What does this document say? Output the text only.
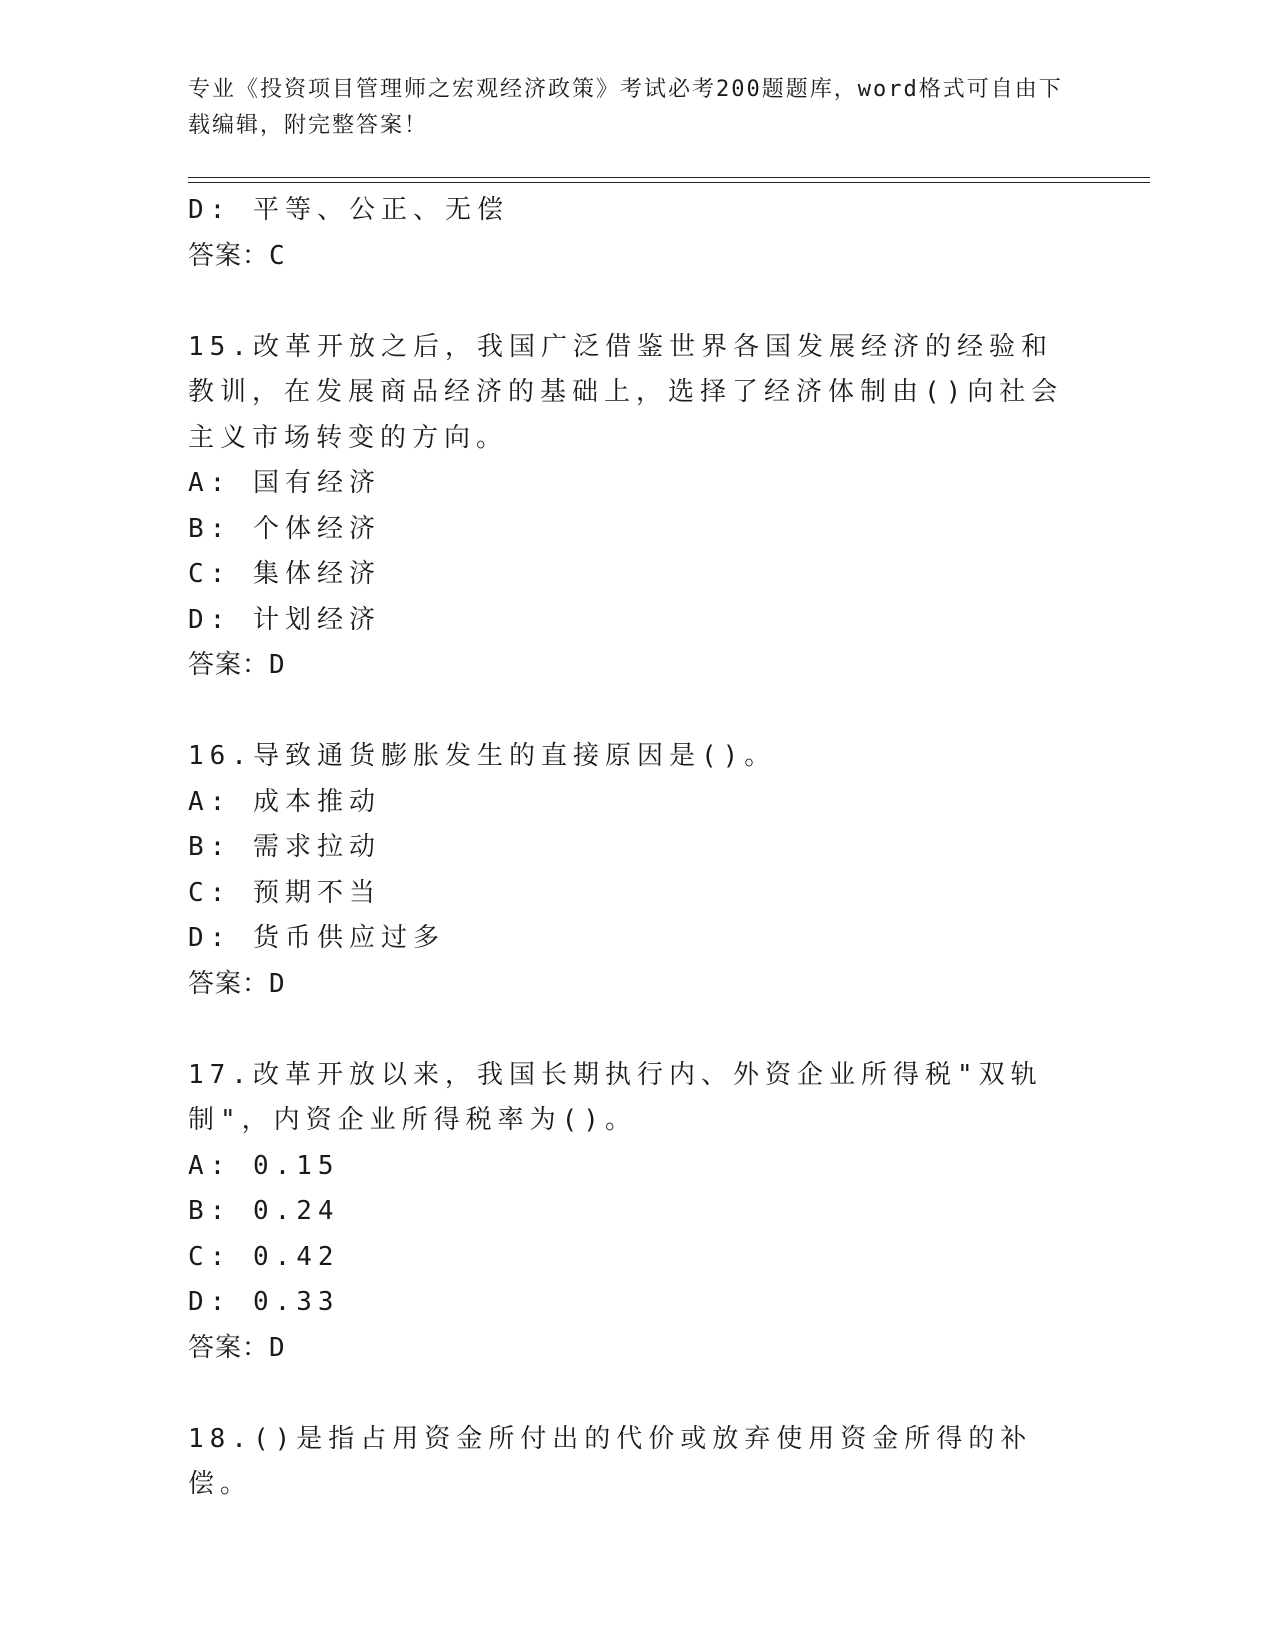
专业《投资项目管理师之宏观经济政策》考试必考200题题库，word格式可自由下载编辑，附完整答案！
D: 平等、公正、无偿
答案：C
15.改革开放之后，我国广泛借鉴世界各国发展经济的经验和教训，在发展商品经济的基础上，选择了经济体制由()向社会主义市场转变的方向。
A: 国有经济
B: 个体经济
C: 集体经济
D: 计划经济
答案：D
16.导致通货膨胀发生的直接原因是()。
A: 成本推动
B: 需求拉动
C: 预期不当
D: 货币供应过多
答案：D
17.改革开放以来，我国长期执行内、外资企业所得税"双轨制"，内资企业所得税率为()。
A: 0.15
B: 0.24
C: 0.42
D: 0.33
答案：D
18.()是指占用资金所付出的代价或放弃使用资金所得的补偿。
